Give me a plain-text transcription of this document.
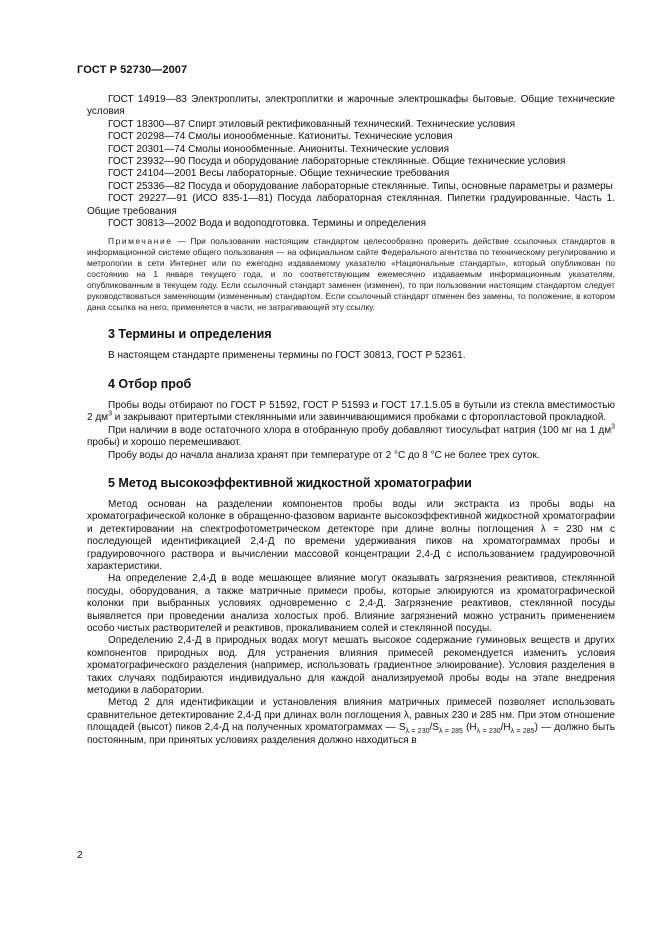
ГОСТ Р 52730—2007

ГОСТ 14919—83 Электроплиты, электроплитки и жарочные электрошкафы бытовые. Общие технические условия

ГОСТ 18300—87 Спирт этиловый ректификованный технический. Технические условия

ГОСТ 20298—74 Смолы ионообменные. Катиониты. Технические условия

ГОСТ 20301—74 Смолы ионообменные. Аниониты. Технические условия

ГОСТ 23932—90 Посуда и оборудование лабораторные стеклянные. Общие технические условия

ГОСТ 24104—2001 Весы лабораторные. Общие технические требования

ГОСТ 25336—82 Посуда и оборудование лабораторные стеклянные. Типы, основные параметры и размеры

ГОСТ 29227—91 (ИСО 835-1—81) Посуда лабораторная стеклянная. Пипетки градуированные. Часть 1. Общие требования

ГОСТ 30813—2002 Вода и водоподготовка. Термины и определения

Примечание — При пользовании настоящим стандартом целесообразно проверить действие ссылочных стандартов в информационной системе общего пользования — на официальном сайте Федерального агентства по техническому регулированию и метрологии в сети Интернет или по ежегодно издаваемому указателю «Национальные стандарты», который опубликован по состоянию на 1 января текущего года, и по соответствующим ежемесячно издаваемым информационным указателям, опубликованным в текущем году. Если ссылочный стандарт заменен (изменен), то при пользовании настоящим стандартом следует руководствоваться заменяющим (измененным) стандартом. Если ссылочный стандарт отменен без замены, то положение, в котором дана ссылка на него, применяется в части, не затрагивающей эту ссылку.

3 Термины и определения

В настоящем стандарте применены термины по ГОСТ 30813, ГОСТ Р 52361.

4 Отбор проб

Пробы воды отбирают по ГОСТ Р 51592, ГОСТ Р 51593 и ГОСТ 17.1.5.05 в бутыли из стекла вместимостью 2 $дм^3$ и закрывают притертыми стеклянными или завинчивающимися пробками с фторопластовой прокладкой.

При наличии в воде остаточного хлора в отобранную пробу добавляют тиосульфат натрия (100 мг на 1 $дм^3$ пробы) и хорошо перемешивают.

Пробу воды до начала анализа хранят при температуре от 2 °С до 8 °С не более трех суток.

5 Метод высокоэффективной жидкостной хроматографии

Метод основан на разделении компонентов пробы воды или экстракта из пробы воды на хроматографической колонке в обращенно-фазовом варианте высокоэффективной жидкостной хроматографии и детектировании на спектрофотометрическом детекторе при длине волны поглощения λ = 230 нм с последующей идентификацией 2,4-Д по времени удерживания пиков на хроматограммах пробы и градуировочного раствора и вычислении массовой концентрации 2,4-Д с использованием градуировочной характеристики.

На определение 2,4-Д в воде мешающее влияние могут оказывать загрязнения реактивов, стеклянной посуды, оборудования, а также матричные примеси пробы, которые элюируются из хроматографической колонки при выбранных условиях одновременно с 2,4-Д. Загрязнение реактивов, стеклянной посуды выявляется при проведении анализа холостых проб. Влияние загрязнений можно устранить применением особо чистых растворителей и реактивов, прокаливанием солей и стеклянной посуды.

Определению 2,4-Д в природных водах могут мешать высокое содержание гуминовых веществ и других компонентов природных вод. Для устранения влияния примесей рекомендуется изменить условия хроматографического разделения (например, использовать градиентное элюирование). Условия разделения в таких случаях подбираются индивидуально для каждой анализируемой пробы воды на этапе внедрения методики в лаборатории.

Метод 2 для идентификации и установления влияния матричных примесей позволяет использовать сравнительное детектирование 2,4-Д при длинах волн поглощения λ, равных 230 и 285 нм. При этом отношение площадей (высот) пиков 2,4-Д на полученных хроматограммах — $S_{\lambda = 230}/S_{\lambda = 285}$ $(H_{\lambda = 230}/H_{\lambda = 285})$ — должно быть постоянным, при принятых условиях разделения должно находиться в

2
